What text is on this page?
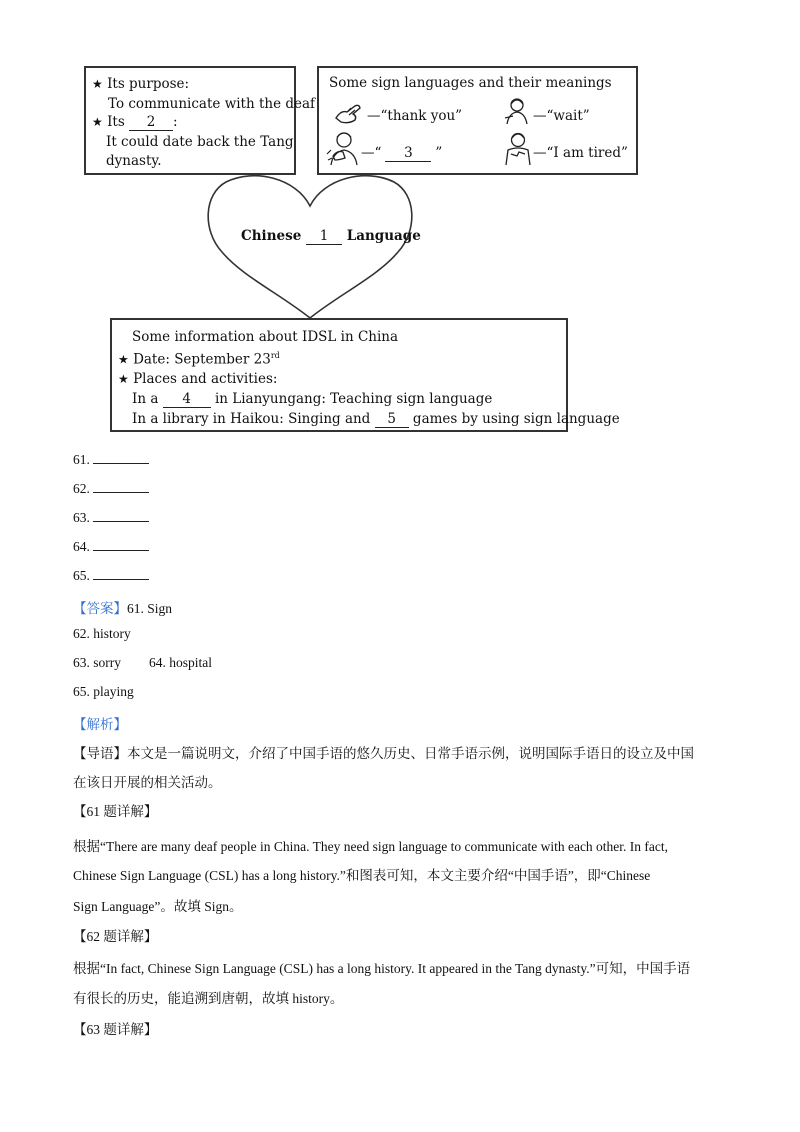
★ Its purpose:
To communicate with the deaf
★ Its 2 :
It could date back the Tang
dynasty.
Some sign languages and their meanings
—“thank you”	—“wait”
—“ 3 ”	—“I am tired”
Chinese 1 Language
Some information about IDSL in China
★ Date: September 23rd
★ Places and activities:
In a 4 in Lianyungang: Teaching sign language
In a library in Haikou: Singing and 5 games by using sign language
61.
62.
63.
64.
65.
【答案】61. Sign
62. history
63. sorry 64. hospital
65. playing
【解析】
【导语】本文是一篇说明文，介绍了中国手语的悠久历史、日常手语示例，说明国际手语日的设立及中国
在该日开展的相关活动。
【61 题详解】
根据“There are many deaf people in China. They need sign language to communicate with each other. In fact,
Chinese Sign Language (CSL) has a long history.”和图表可知，本文主要介绍“中国手语”，即“Chinese
Sign Language”。故填 Sign。
【62 题详解】
根据“In fact, Chinese Sign Language (CSL) has a long history. It appeared in the Tang dynasty.”可知，中国手语
有很长的历史，能追溯到唐朝，故填 history。
【63 题详解】
